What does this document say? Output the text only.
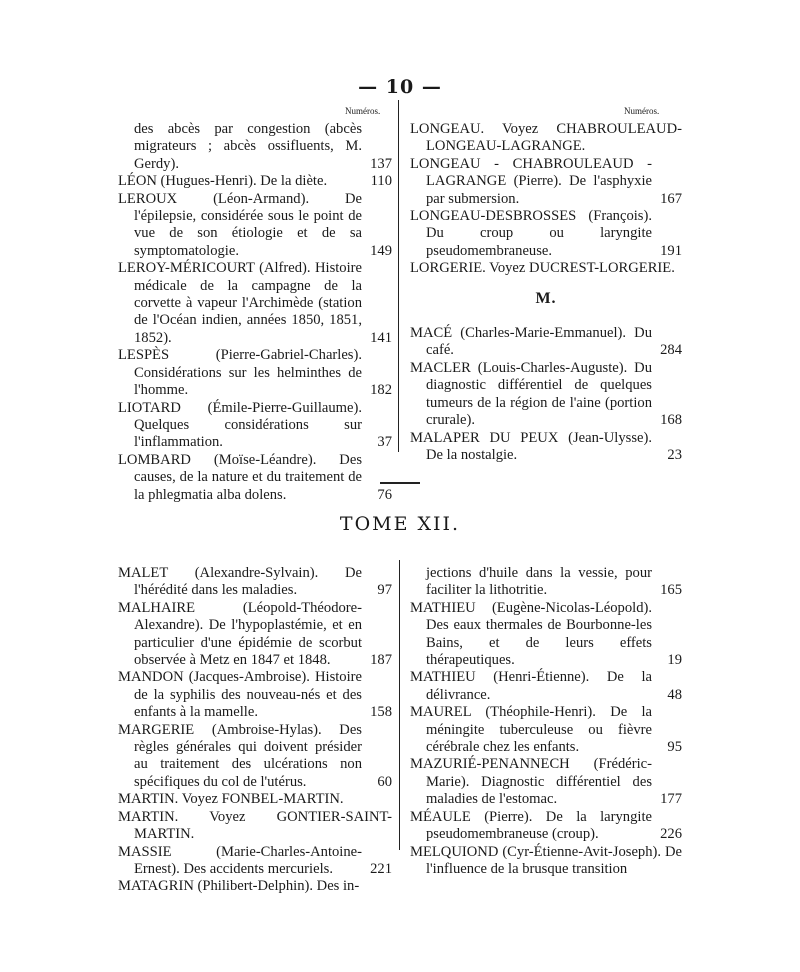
— 10 —
Numéros.	Numéros.
des abcès par congestion (abcès migrateurs ; abcès ossifluents, M. Gerdy).	137
LÉON (Hugues-Henri). De la diète.	110
LEROUX (Léon-Armand). De l'épilepsie, considérée sous le point de vue de son étiologie et de sa symptomatologie.	149
LEROY-MÉRICOURT (Alfred). Histoire médicale de la campagne de la corvette à vapeur l'Archimède (station de l'Océan indien, années 1850, 1851, 1852).	141
LESPÈS (Pierre-Gabriel-Charles). Considérations sur les helminthes de l'homme.	182
LIOTARD (Émile-Pierre-Guillaume). Quelques considérations sur l'inflammation.	37
LOMBARD (Moïse-Léandre). Des causes, de la nature et du traitement de la phlegmatia alba dolens.	76
LONGEAU. Voyez CHABROULEAUD-LONGEAU-LAGRANGE.
LONGEAU - CHABROULEAUD - LAGRANGE (Pierre). De l'asphyxie par submersion.	167
LONGEAU-DESBROSSES (François). Du croup ou laryngite pseudomembraneuse.	191
LORGERIE. Voyez DUCREST-LORGERIE.
M.
MACÉ (Charles-Marie-Emmanuel). Du café.	284
MACLER (Louis-Charles-Auguste). Du diagnostic différentiel de quelques tumeurs de la région de l'aine (portion crurale).	168
MALAPER DU PEUX (Jean-Ulysse). De la nostalgie.	23
TOME XII.
MALET (Alexandre-Sylvain). De l'hérédité dans les maladies.	97
MALHAIRE (Léopold-Théodore-Alexandre). De l'hypoplastémie, et en particulier d'une épidémie de scorbut observée à Metz en 1847 et 1848.	187
MANDON (Jacques-Ambroise). Histoire de la syphilis des nouveau-nés et des enfants à la mamelle.	158
MARGERIE (Ambroise-Hylas). Des règles générales qui doivent présider au traitement des ulcérations non spécifiques du col de l'utérus.	60
MARTIN. Voyez FONBEL-MARTIN.
MARTIN. Voyez GONTIER-SAINT-MARTIN.
MASSIE (Marie-Charles-Antoine-Ernest). Des accidents mercuriels.	221
MATAGRIN (Philibert-Delphin). Des in-
jections d'huile dans la vessie, pour faciliter la lithotritie.	165
MATHIEU (Eugène-Nicolas-Léopold). Des eaux thermales de Bourbonne-les Bains, et de leurs effets thérapeutiques.	19
MATHIEU (Henri-Étienne). De la délivrance.	48
MAUREL (Théophile-Henri). De la méningite tuberculeuse ou fièvre cérébrale chez les enfants.	95
MAZURIÉ-PENANNECH (Frédéric-Marie). Diagnostic différentiel des maladies de l'estomac.	177
MÉAULE (Pierre). De la laryngite pseudomembraneuse (croup).	226
MELQUIOND (Cyr-Étienne-Avit-Joseph). De l'influence de la brusque transition
